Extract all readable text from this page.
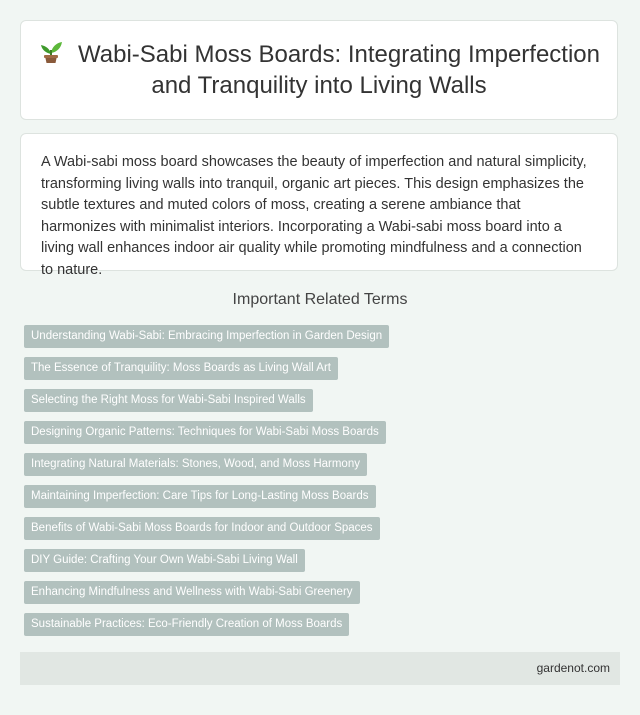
Wabi-Sabi Moss Boards: Integrating Imperfection and Tranquility into Living Walls

A Wabi-sabi moss board showcases the beauty of imperfection and natural simplicity, transforming living walls into tranquil, organic art pieces. This design emphasizes the subtle textures and muted colors of moss, creating a serene ambiance that harmonizes with minimalist interiors. Incorporating a Wabi-sabi moss board into a living wall enhances indoor air quality while promoting mindfulness and a connection to nature.

Important Related Terms
Understanding Wabi-Sabi: Embracing Imperfection in Garden Design
The Essence of Tranquility: Moss Boards as Living Wall Art
Selecting the Right Moss for Wabi-Sabi Inspired Walls
Designing Organic Patterns: Techniques for Wabi-Sabi Moss Boards
Integrating Natural Materials: Stones, Wood, and Moss Harmony
Maintaining Imperfection: Care Tips for Long-Lasting Moss Boards
Benefits of Wabi-Sabi Moss Boards for Indoor and Outdoor Spaces
DIY Guide: Crafting Your Own Wabi-Sabi Living Wall
Enhancing Mindfulness and Wellness with Wabi-Sabi Greenery
Sustainable Practices: Eco-Friendly Creation of Moss Boards
gardenot.com
